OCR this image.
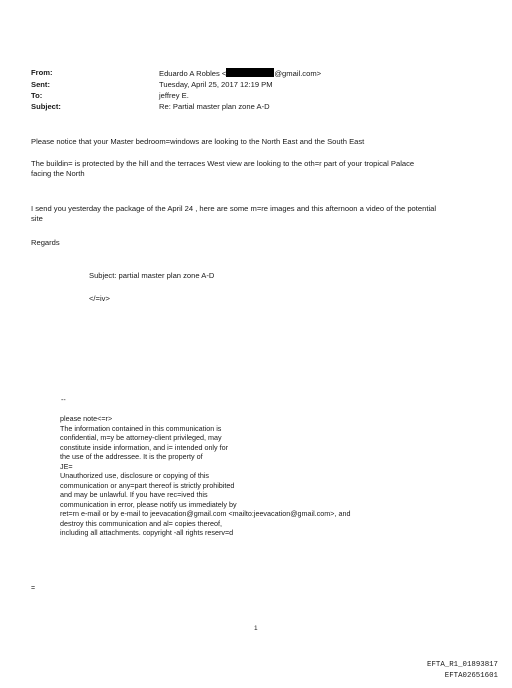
From:	Eduardo A Robles <	@gmail.com>
Sent:	Tuesday, April 25, 2017 12:19 PM
To:	jeffrey E.
Subject:	Re: Partial master plan zone A-D
Please notice that your Master bedroom=windows are looking to the North East and the South East
The buildin= is protected by the hill and the terraces West view are looking to the oth=r part of your tropical Palace
facing the North
I send you yesterday the package of the April 24 , here are some m=re images and this afternoon a video of the potential
site
Regards
Subject: partial master plan zone A-D
</=iv>
--
please note<=r>
The information contained in this communication is
confidential, m=y be attorney-client privileged, may
constitute inside information, and i= intended only for
the use of the addressee. It is the property of
JE=
Unauthorized use, disclosure or copying of this
communication or any=part thereof is strictly prohibited
and may be unlawful. If you have rec=ived this
communication in error, please notify us immediately by
ret=rn e-mail or by e-mail to jeevacation@gmail.com <mailto:jeevacation@gmail.com>, and
destroy this communication and al= copies thereof,
including all attachments. copyright -all rights reserv=d
=
1
EFTA_R1_01893817
EFTA02651601
